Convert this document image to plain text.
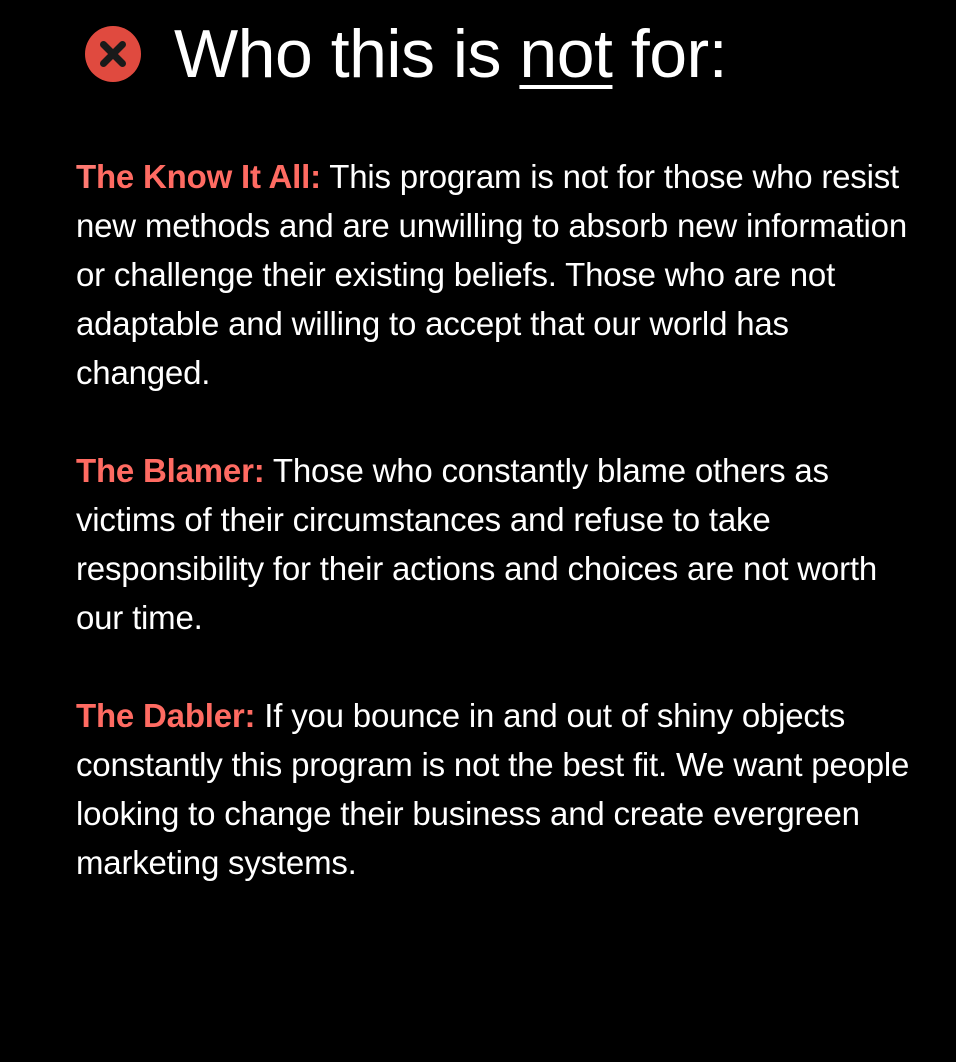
Who this is not for:

The Know It All: This program is not for those who resist new methods and are unwilling to absorb new information or challenge their existing beliefs. Those who are not adaptable and willing to accept that our world has changed.

The Blamer: Those who constantly blame others as victims of their circumstances and refuse to take responsibility for their actions and choices are not worth our time.

The Dabler: If you bounce in and out of shiny objects constantly this program is not the best fit. We want people looking to change their business and create evergreen marketing systems.
